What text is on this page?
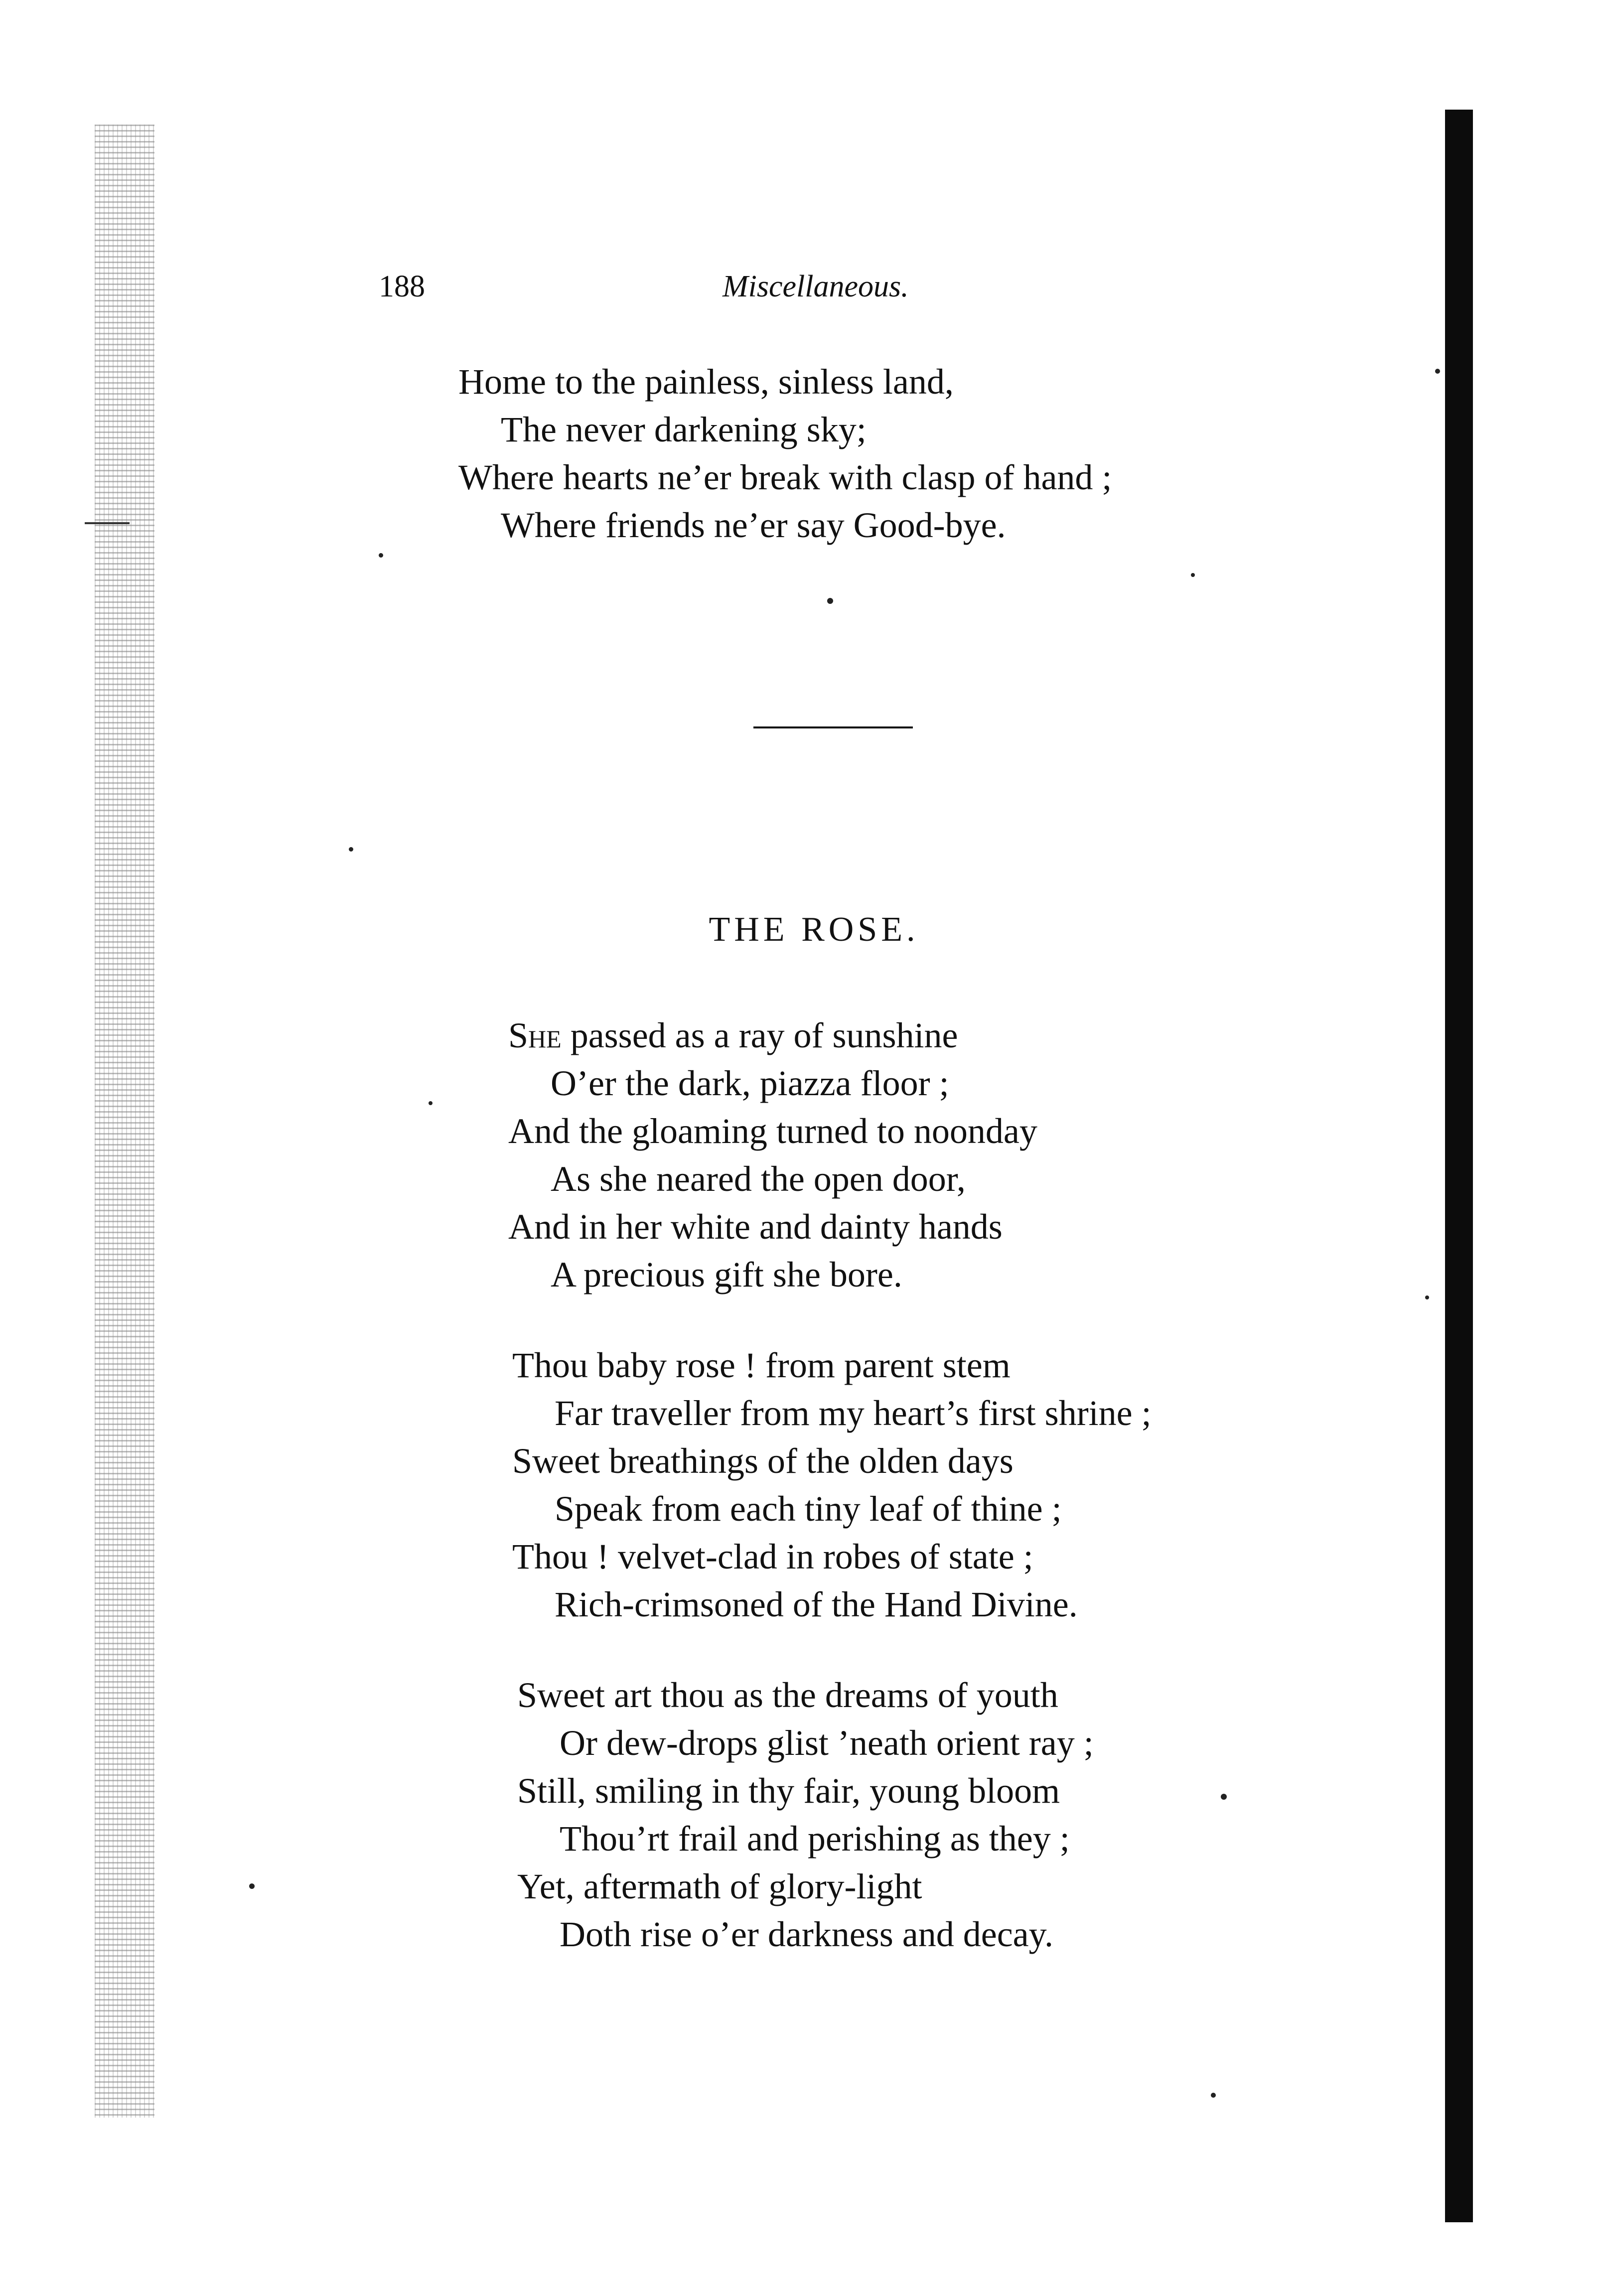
188	Miscellaneous.
Home to the painless, sinless land,
The never darkening sky;
Where hearts ne’er break with clasp of hand ;
Where friends ne’er say Good-bye.
THE ROSE.
She passed as a ray of sunshine
O’er the dark, piazza floor ;
And the gloaming turned to noonday
As she neared the open door,
And in her white and dainty hands
A precious gift she bore.
Thou baby rose ! from parent stem
Far traveller from my heart’s first shrine ;
Sweet breathings of the olden days
Speak from each tiny leaf of thine ;
Thou ! velvet-clad in robes of state ;
Rich-crimsoned of the Hand Divine.
Sweet art thou as the dreams of youth
Or dew-drops glist ’neath orient ray ;
Still, smiling in thy fair, young bloom
Thou’rt frail and perishing as they ;
Yet, aftermath of glory-light
Doth rise o’er darkness and decay.
